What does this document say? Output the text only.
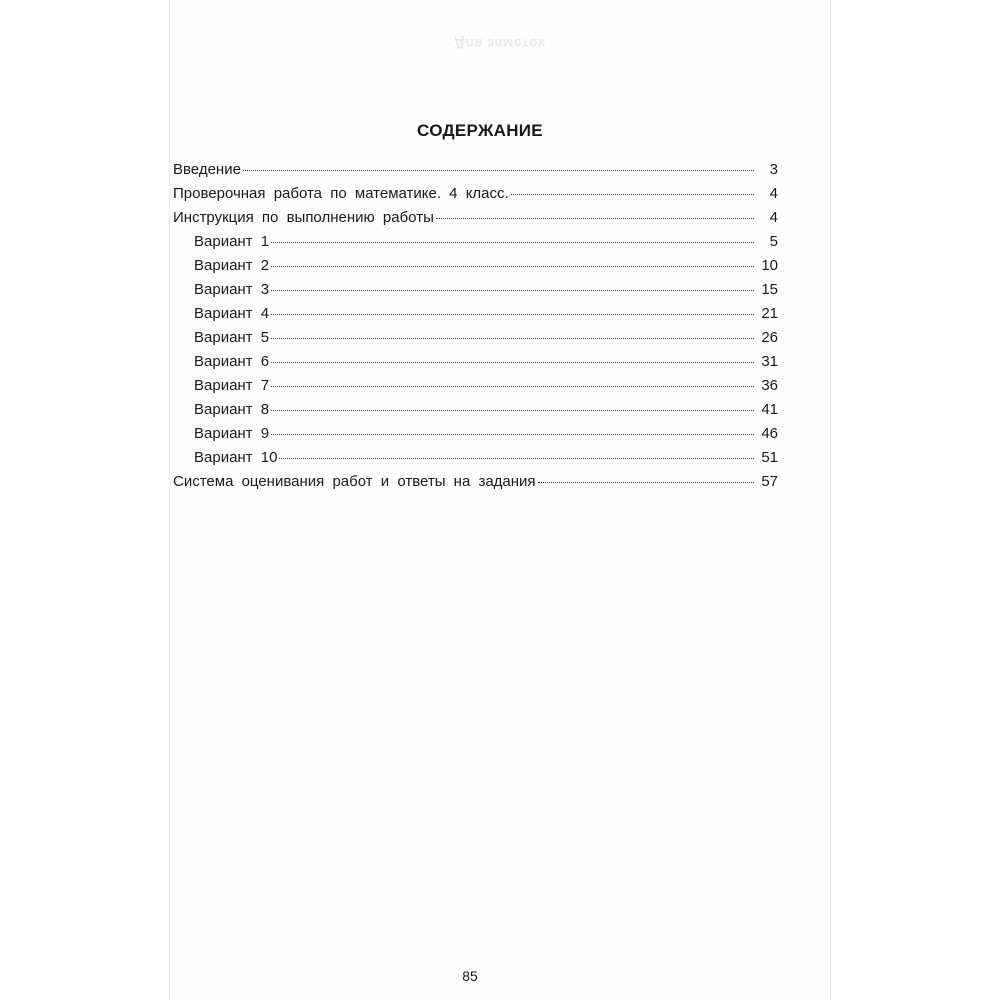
Для заметок
СОДЕРЖАНИЕ
Введение	3
Проверочная работа по математике. 4 класс.	4
Инструкция по выполнению работы	4
Вариант 1	5
Вариант 2	10
Вариант 3	15
Вариант 4	21
Вариант 5	26
Вариант 6	31
Вариант 7	36
Вариант 8	41
Вариант 9	46
Вариант 10	51
Система оценивания работ и ответы на задания	57
85
